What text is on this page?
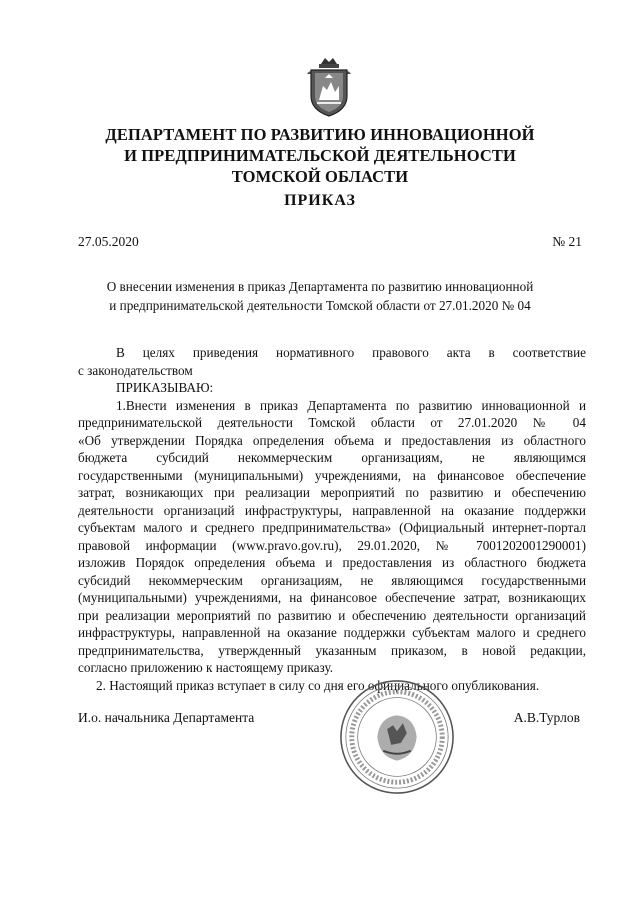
ДЕПАРТАМЕНТ ПО РАЗВИТИЮ ИННОВАЦИОННОЙ
И ПРЕДПРИНИМАТЕЛЬСКОЙ ДЕЯТЕЛЬНОСТИ
ТОМСКОЙ ОБЛАСТИ
ПРИКАЗ
27.05.2020	№ 21
О внесении изменения в приказ Департамента по развитию инновационной
и предпринимательской деятельности Томской области от 27.01.2020 № 04
В целях приведения нормативного правового акта в соответствие
с законодательством
ПРИКАЗЫВАЮ:
1.Внести изменения в приказ Департамента по развитию инновационной и
предпринимательской деятельности Томской области от 27.01.2020 № 04
«Об утверждении Порядка определения объема и предоставления из областного
бюджета субсидий некоммерческим организациям, не являющимся
государственными (муниципальными) учреждениями, на финансовое обеспечение
затрат, возникающих при реализации мероприятий по развитию и обеспечению
деятельности организаций инфраструктуры, направленной на оказание поддержки
субъектам малого и среднего предпринимательства» (Официальный интернет-портал
правовой информации (www.pravo.gov.ru), 29.01.2020, № 7001202001290001)
изложив Порядок определения объема и предоставления из областного бюджета
субсидий некоммерческим организациям, не являющимся государственными
(муниципальными) учреждениями, на финансовое обеспечение затрат, возникающих
при реализации мероприятий по развитию и обеспечению деятельности организаций
инфраструктуры, направленной на оказание поддержки субъектам малого и среднего
предпринимательства, утвержденный указанным приказом, в новой редакции,
согласно приложению к настоящему приказу.
2. Настоящий приказ вступает в силу со дня его официального опубликования.
И.о. начальника Департамента	А.В.Турлов
